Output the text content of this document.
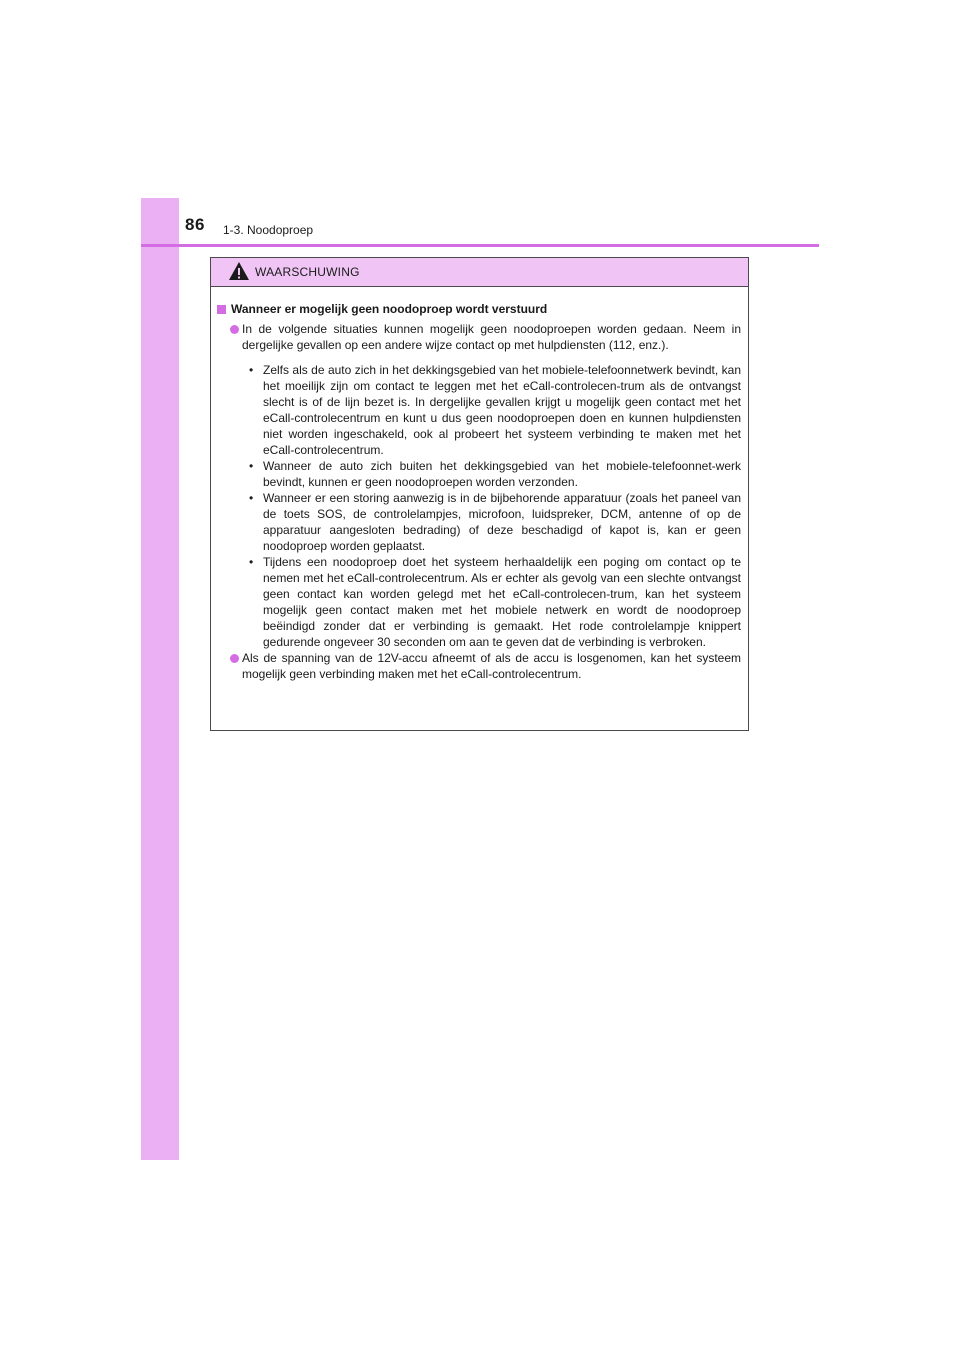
86 1-3. Noodoproep
WAARSCHUWING
Wanneer er mogelijk geen noodoproep wordt verstuurd
In de volgende situaties kunnen mogelijk geen noodoproepen worden gedaan. Neem in dergelijke gevallen op een andere wijze contact op met hulpdiensten (112, enz.).
• Zelfs als de auto zich in het dekkingsgebied van het mobiele-telefoonnetwerk bevindt, kan het moeilijk zijn om contact te leggen met het eCall-controlecen-trum als de ontvangst slecht is of de lijn bezet is. In dergelijke gevallen krijgt u mogelijk geen contact met het eCall-controlecentrum en kunt u dus geen noodoproepen doen en kunnen hulpdiensten niet worden ingeschakeld, ook al probeert het systeem verbinding te maken met het eCall-controlecentrum.
• Wanneer de auto zich buiten het dekkingsgebied van het mobiele-telefoonnet-werk bevindt, kunnen er geen noodoproepen worden verzonden.
• Wanneer er een storing aanwezig is in de bijbehorende apparatuur (zoals het paneel van de toets SOS, de controlelampjes, microfoon, luidspreker, DCM, antenne of op de apparatuur aangesloten bedrading) of deze beschadigd of kapot is, kan er geen noodoproep worden geplaatst.
• Tijdens een noodoproep doet het systeem herhaaldelijk een poging om contact op te nemen met het eCall-controlecentrum. Als er echter als gevolg van een slechte ontvangst geen contact kan worden gelegd met het eCall-controlecen-trum, kan het systeem mogelijk geen contact maken met het mobiele netwerk en wordt de noodoproep beëindigd zonder dat er verbinding is gemaakt. Het rode controlelampje knippert gedurende ongeveer 30 seconden om aan te geven dat de verbinding is verbroken.
Als de spanning van de 12V-accu afneemt of als de accu is losgenomen, kan het systeem mogelijk geen verbinding maken met het eCall-controlecentrum.
